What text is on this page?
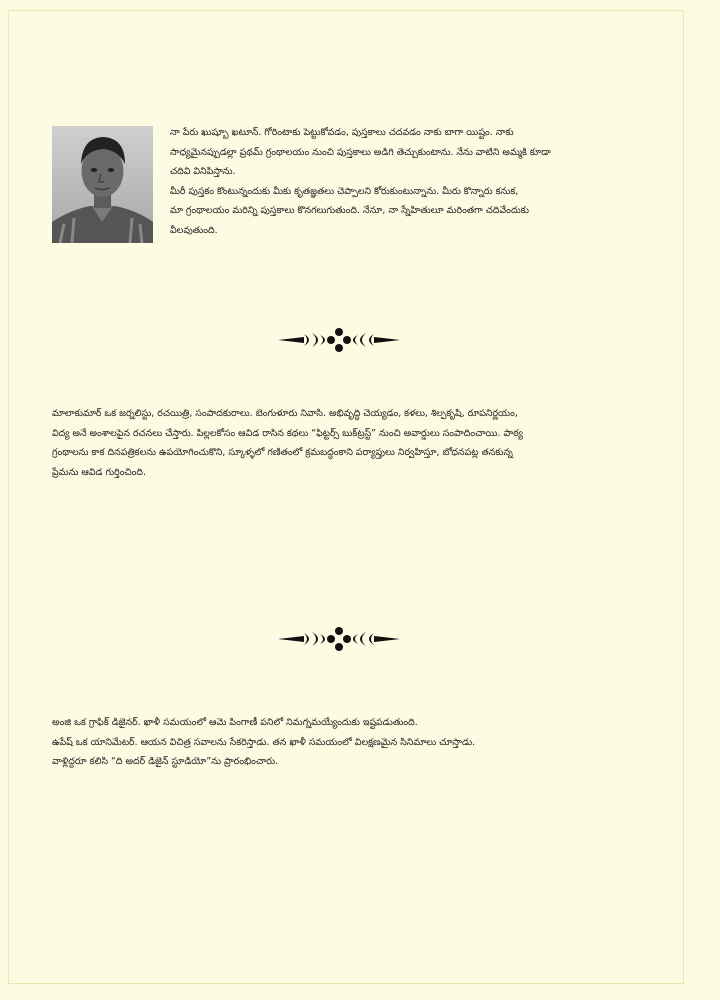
నా పేరు ఖుష్బూ ఖటూన్. గోరింటాకు పెట్టుకోవడం, పుస్తకాలు చదవడం నాకు బాగా యిష్టం. నాకు
సాధ్యమైనప్పుడల్లా ప్రథమ్ గ్రంథాలయం నుంచి పుస్తకాలు అడిగి తెచ్చుకుంటాను. నేను వాటిని అమ్మకి కూడా
చదివి వినిపిస్తాను.
మీరీ పుస్తకం కొంటున్నందుకు మీకు కృతజ్ఞతలు చెప్పాలని కోరుకుంటున్నాను. మీరు కొన్నారు కనుక,
మా గ్రంథాలయం మరిన్ని పుస్తకాలు కొనగలుగుతుంది. నేనూ, నా స్నేహితులూ మరింతగా చదివేందుకు
వీలవుతుంది.
మాలాకుమార్ ఒక జర్నలిస్టు, రచయిత్రి, సంపాదకురాలు. బెంగుళూరు నివాసి. అభివృద్ధి చెయ్యడం, కళలు, శిల్పకృషి, రూపనిర్ణయం,
విద్య అనే అంశాలపైన రచనలు చేస్తారు. పిల్లలకోసం ఆవిడ రాసిన కథలు “ఫిట్టర్స్ బుక్‌ట్రస్ట్” నుంచి అవార్డులు సంపాదించాయి. పాఠ్య
గ్రంథాలను కాక దినపత్రికలను ఉపయోగించుకొని, స్కూళ్ళలో గణితంలో క్రమబద్ధంకాని పర్యాప్తులు నిర్వహిస్తూ, బోధనపట్ల తనకున్న
ప్రేమను ఆవిడ గుర్తించింది.
అంజి ఒక గ్రాఫిక్ డిజైనర్. ఖాళీ సమయంలో ఆమె పింగాణీ పనిలో నిమగ్నమయ్యేందుకు ఇష్టపడుతుంది.
ఉపేష్ ఒక యానిమేటర్. ఆయన విచిత్ర సవాలను సేకరిస్తాడు. తన ఖాళీ సమయంలో విలక్షణమైన సినిమాలు చూస్తాడు.
వాళ్లిద్దరూ కలిసి “ది అదర్ డిజైన్ స్టూడియో”ను ప్రారంభించారు.
